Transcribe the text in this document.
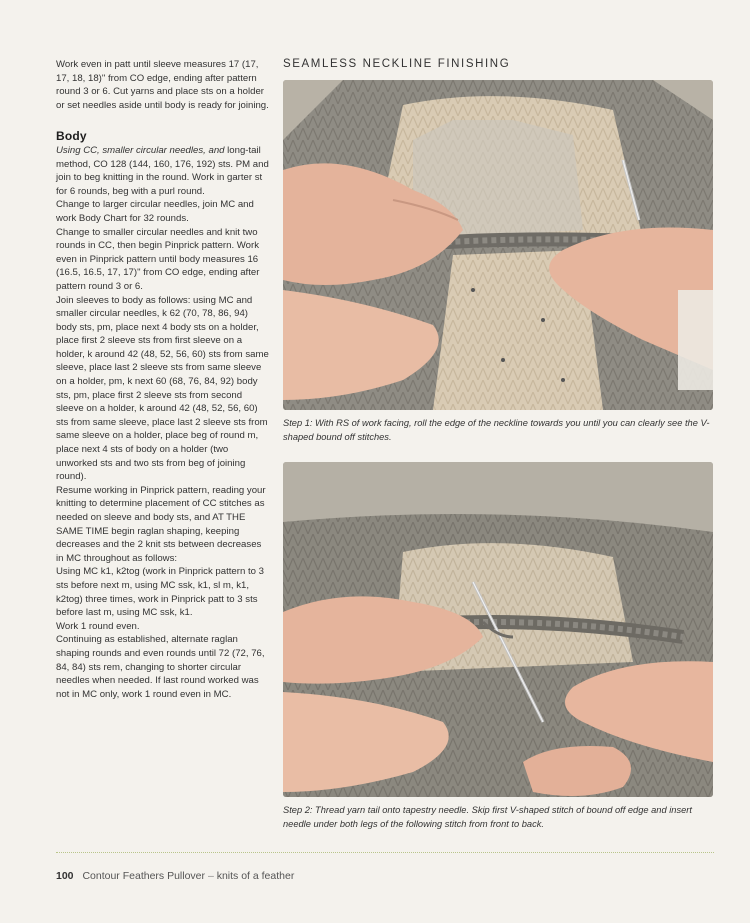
Work even in patt until sleeve measures 17 (17, 17, 18, 18)" from CO edge, ending after pattern round 3 or 6. Cut yarns and place sts on a holder or set needles aside until body is ready for joining.

Body

Using CC, smaller circular needles, and long-tail method, CO 128 (144, 160, 176, 192) sts. PM and join to beg knitting in the round. Work in garter st for 6 rounds, beg with a purl round.

Change to larger circular needles, join MC and work Body Chart for 32 rounds.

Change to smaller circular needles and knit two rounds in CC, then begin Pinprick pattern. Work even in Pinprick pattern until body measures 16 (16.5, 16.5, 17, 17)" from CO edge, ending after pattern round 3 or 6.

Join sleeves to body as follows: using MC and smaller circular needles, k 62 (70, 78, 86, 94) body sts, pm, place next 4 body sts on a holder, place first 2 sleeve sts from first sleeve on a holder, k around 42 (48, 52, 56, 60) sts from same sleeve, place last 2 sleeve sts from same sleeve on a holder, pm, k next 60 (68, 76, 84, 92) body sts, pm, place first 2 sleeve sts from second sleeve on a holder, k around 42 (48, 52, 56, 60) sts from same sleeve, place last 2 sleeve sts from same sleeve on a holder, place beg of round m, place next 4 sts of body on a holder (two unworked sts and two sts from beg of joining round).

Resume working in Pinprick pattern, reading your knitting to determine placement of CC stitches as needed on sleeve and body sts, and AT THE SAME TIME begin raglan shaping, keeping decreases and the 2 knit sts between decreases in MC throughout as follows:

Using MC k1, k2tog (work in Pinprick pattern to 3 sts before next m, using MC ssk, k1, sl m, k1, k2tog) three times, work in Pinprick patt to 3 sts before last m, using MC ssk, k1.

Work 1 round even.

Continuing as established, alternate raglan shaping rounds and even rounds until 72 (72, 76, 84, 84) sts rem, changing to shorter circular needles when needed. If last round worked was not in MC only, work 1 round even in MC.

SEAMLESS NECKLINE FINISHING

Step 1: With RS of work facing, roll the edge of the neckline towards you until you can clearly see the V-shaped bound off stitches.

Step 2: Thread yarn tail onto tapestry needle. Skip first V-shaped stitch of bound off edge and insert needle under both legs of the following stitch from front to back.

100 Contour Feathers Pullover – knits of a feather
